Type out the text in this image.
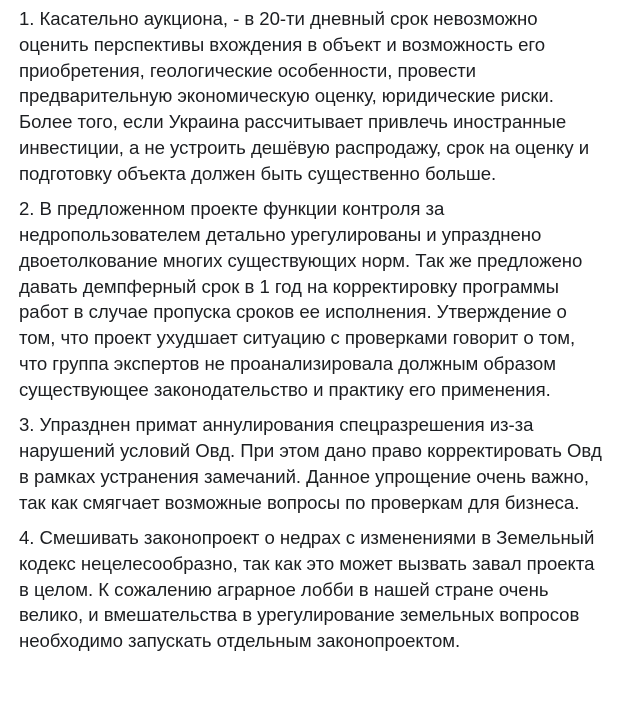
1. Касательно аукциона, - в 20-ти дневный срок невозможно оценить перспективы вхождения в объект и возможность его приобретения, геологические особенности, провести предварительную экономическую оценку, юридические риски. Более того, если Украина рассчитывает привлечь иностранные инвестиции, а не устроить дешёвую распродажу, срок на оценку и подготовку объекта должен быть существенно больше.

2. В предложенном проекте функции контроля за недропользователем детально урегулированы и упразднено двоетолкование многих существующих норм. Так же предложено давать демпферный срок в 1 год на корректировку программы работ в случае пропуска сроков ее исполнения. Утверждение о том, что проект ухудшает ситуацию с проверками говорит о том, что группа экспертов не проанализировала должным образом существующее законодательство и практику его применения.

3. Упразднен примат аннулирования спецразрешения из-за нарушений условий Овд. При этом дано право корректировать Овд в рамках устранения замечаний. Данное упрощение очень важно, так как смягчает возможные вопросы по проверкам для бизнеса.

4. Смешивать законопроект о недрах с изменениями в Земельный кодекс нецелесообразно, так как это может вызвать завал проекта в целом. К сожалению аграрное лобби в нашей стране очень велико, и вмешательства в урегулирование земельных вопросов необходимо запускать отдельным законопроектом.
